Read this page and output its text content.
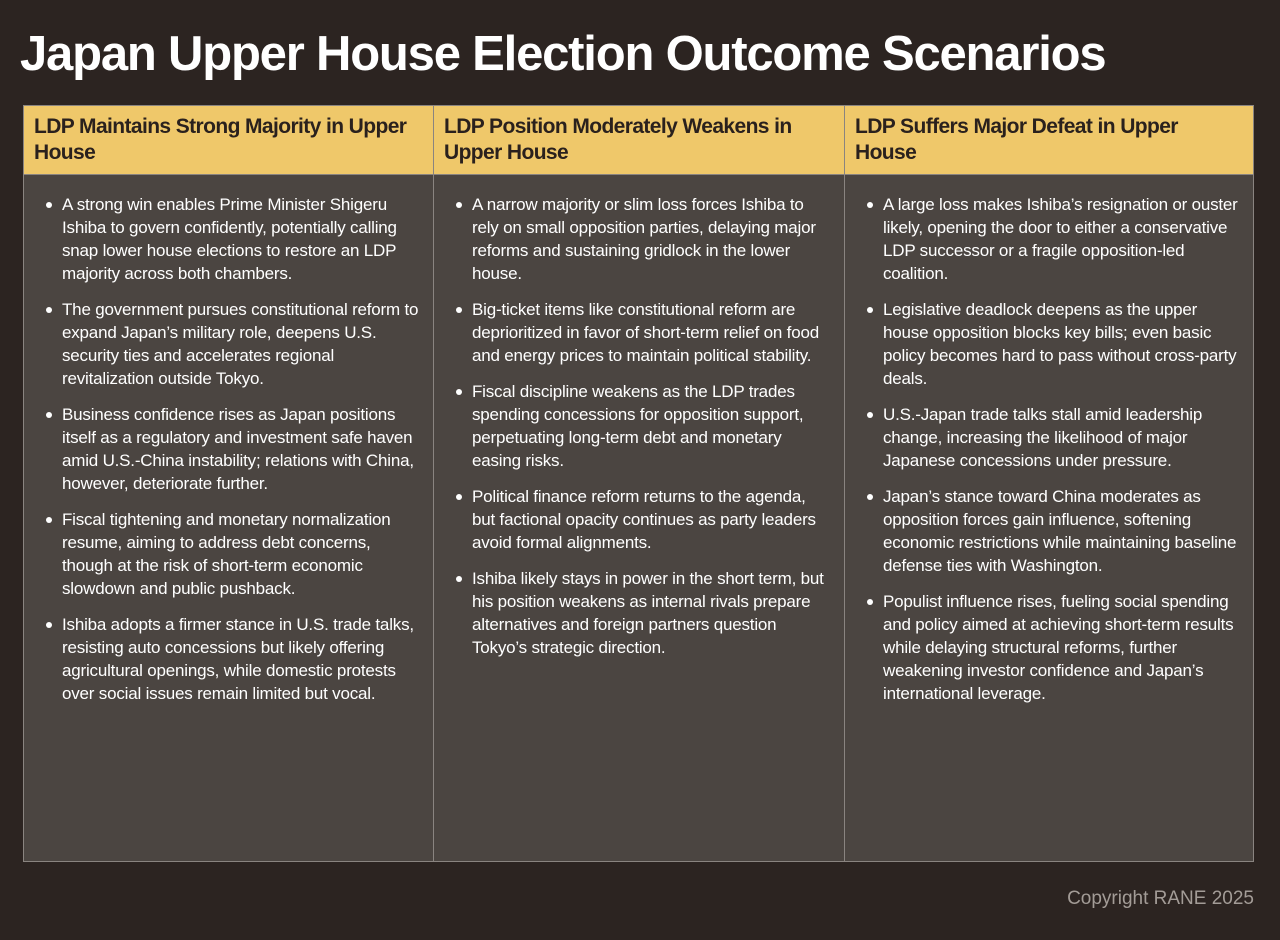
Japan Upper House Election Outcome Scenarios
LDP Maintains Strong Majority in Upper House
A strong win enables Prime Minister Shigeru Ishiba to govern confidently, potentially calling snap lower house elections to restore an LDP majority across both chambers.
The government pursues constitutional reform to expand Japan’s military role, deepens U.S. security ties and accelerates regional revitalization outside Tokyo.
Business confidence rises as Japan positions itself as a regulatory and investment safe haven amid U.S.-China instability; relations with China, however, deteriorate further.
Fiscal tightening and monetary normalization resume, aiming to address debt concerns, though at the risk of short-term economic slowdown and public pushback.
Ishiba adopts a firmer stance in U.S. trade talks, resisting auto concessions but likely offering agricultural openings, while domestic protests over social issues remain limited but vocal.
LDP Position Moderately Weakens in Upper House
A narrow majority or slim loss forces Ishiba to rely on small opposition parties, delaying major reforms and sustaining gridlock in the lower house.
Big-ticket items like constitutional reform are deprioritized in favor of short-term relief on food and energy prices to maintain political stability.
Fiscal discipline weakens as the LDP trades spending concessions for opposition support, perpetuating long-term debt and monetary easing risks.
Political finance reform returns to the agenda, but factional opacity continues as party leaders avoid formal alignments.
Ishiba likely stays in power in the short term, but his position weakens as internal rivals prepare alternatives and foreign partners question Tokyo’s strategic direction.
LDP Suffers Major Defeat in Upper House
A large loss makes Ishiba’s resignation or ouster likely, opening the door to either a conservative LDP successor or a fragile opposition-led coalition.
Legislative deadlock deepens as the upper house opposition blocks key bills; even basic policy becomes hard to pass without cross-party deals.
U.S.-Japan trade talks stall amid leadership change, increasing the likelihood of major Japanese concessions under pressure.
Japan’s stance toward China moderates as opposition forces gain influence, softening economic restrictions while maintaining baseline defense ties with Washington.
Populist influence rises, fueling social spending and policy aimed at achieving short-term results while delaying structural reforms, further weakening investor confidence and Japan’s international leverage.
Copyright RANE 2025
